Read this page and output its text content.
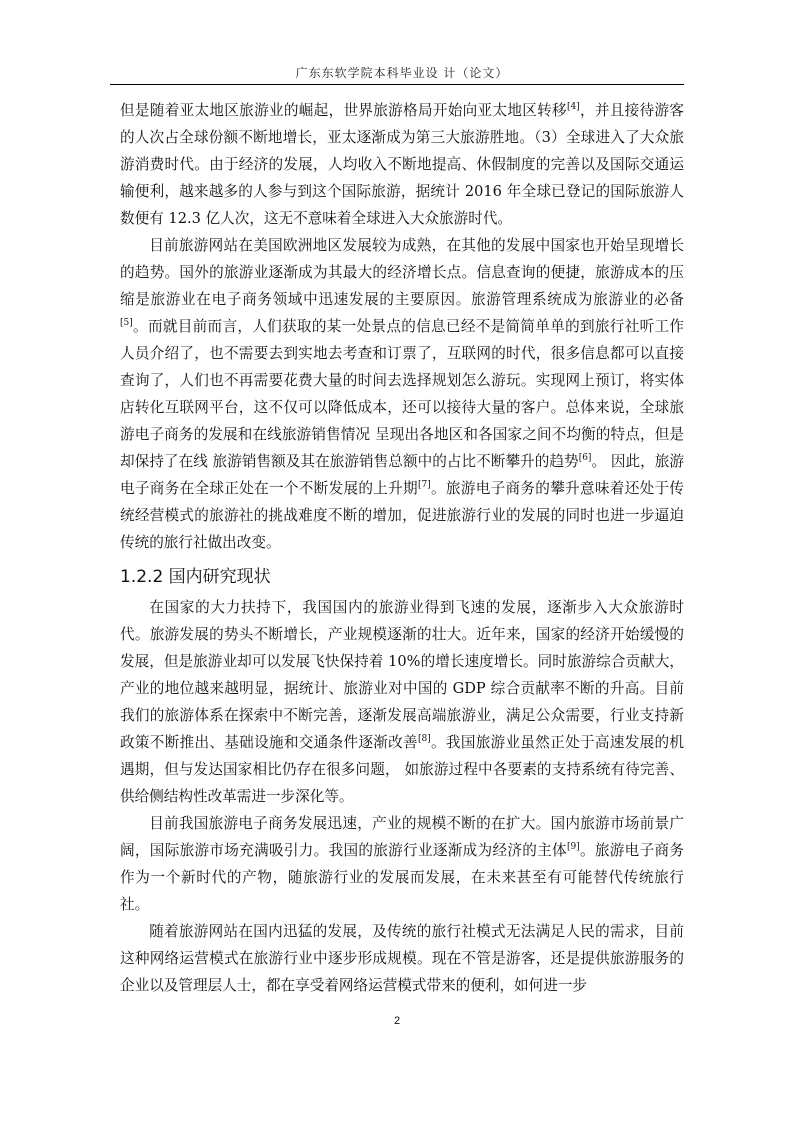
广东东软学院本科毕业设 计（论文）

但是随着亚太地区旅游业的崛起，世界旅游格局开始向亚太地区转移[4]，并且接待游客的人次占全球份额不断地增长，亚太逐渐成为第三大旅游胜地。（3）全球进入了大众旅游消费时代。由于经济的发展，人均收入不断地提高、休假制度的完善以及国际交通运输便利，越来越多的人参与到这个国际旅游，据统计 2016 年全球已登记的国际旅游人数便有 12.3 亿人次，这无不意味着全球进入大众旅游时代。

目前旅游网站在美国欧洲地区发展较为成熟，在其他的发展中国家也开始呈现增长的趋势。国外的旅游业逐渐成为其最大的经济增长点。信息查询的便捷，旅游成本的压缩是旅游业在电子商务领域中迅速发展的主要原因。旅游管理系统成为旅游业的必备[5]。而就目前而言，人们获取的某一处景点的信息已经不是简简单单的到旅行社听工作人员介绍了，也不需要去到实地去考查和订票了，互联网的时代，很多信息都可以直接查询了，人们也不再需要花费大量的时间去选择规划怎么游玩。实现网上预订，将实体店转化互联网平台，这不仅可以降低成本，还可以接待大量的客户。总体来说，全球旅游电子商务的发展和在线旅游销售情况 呈现出各地区和各国家之间不均衡的特点，但是却保持了在线 旅游销售额及其在旅游销售总额中的占比不断攀升的趋势[6]。 因此，旅游电子商务在全球正处在一个不断发展的上升期[7]。旅游电子商务的攀升意味着还处于传统经营模式的旅游社的挑战难度不断的增加，促进旅游行业的发展的同时也进一步逼迫传统的旅行社做出改变。

1.2.2 国内研究现状

在国家的大力扶持下，我国国内的旅游业得到飞速的发展，逐渐步入大众旅游时代。旅游发展的势头不断增长，产业规模逐渐的壮大。近年来，国家的经济开始缓慢的发展，但是旅游业却可以发展飞快保持着 10%的增长速度增长。同时旅游综合贡献大，产业的地位越来越明显，据统计、旅游业对中国的 GDP 综合贡献率不断的升高。目前我们的旅游体系在探索中不断完善，逐渐发展高端旅游业，满足公众需要，行业支持新政策不断推出、基础设施和交通条件逐渐改善[8]。我国旅游业虽然正处于高速发展的机遇期，但与发达国家相比仍存在很多问题， 如旅游过程中各要素的支持系统有待完善、供给侧结构性改革需进一步深化等。

目前我国旅游电子商务发展迅速，产业的规模不断的在扩大。国内旅游市场前景广阔，国际旅游市场充满吸引力。我国的旅游行业逐渐成为经济的主体[9]。旅游电子商务作为一个新时代的产物，随旅游行业的发展而发展，在未来甚至有可能替代传统旅行社。

随着旅游网站在国内迅猛的发展，及传统的旅行社模式无法满足人民的需求，目前这种网络运营模式在旅游行业中逐步形成规模。现在不管是游客，还是提供旅游服务的企业以及管理层人士，都在享受着网络运营模式带来的便利，如何进一步

2
